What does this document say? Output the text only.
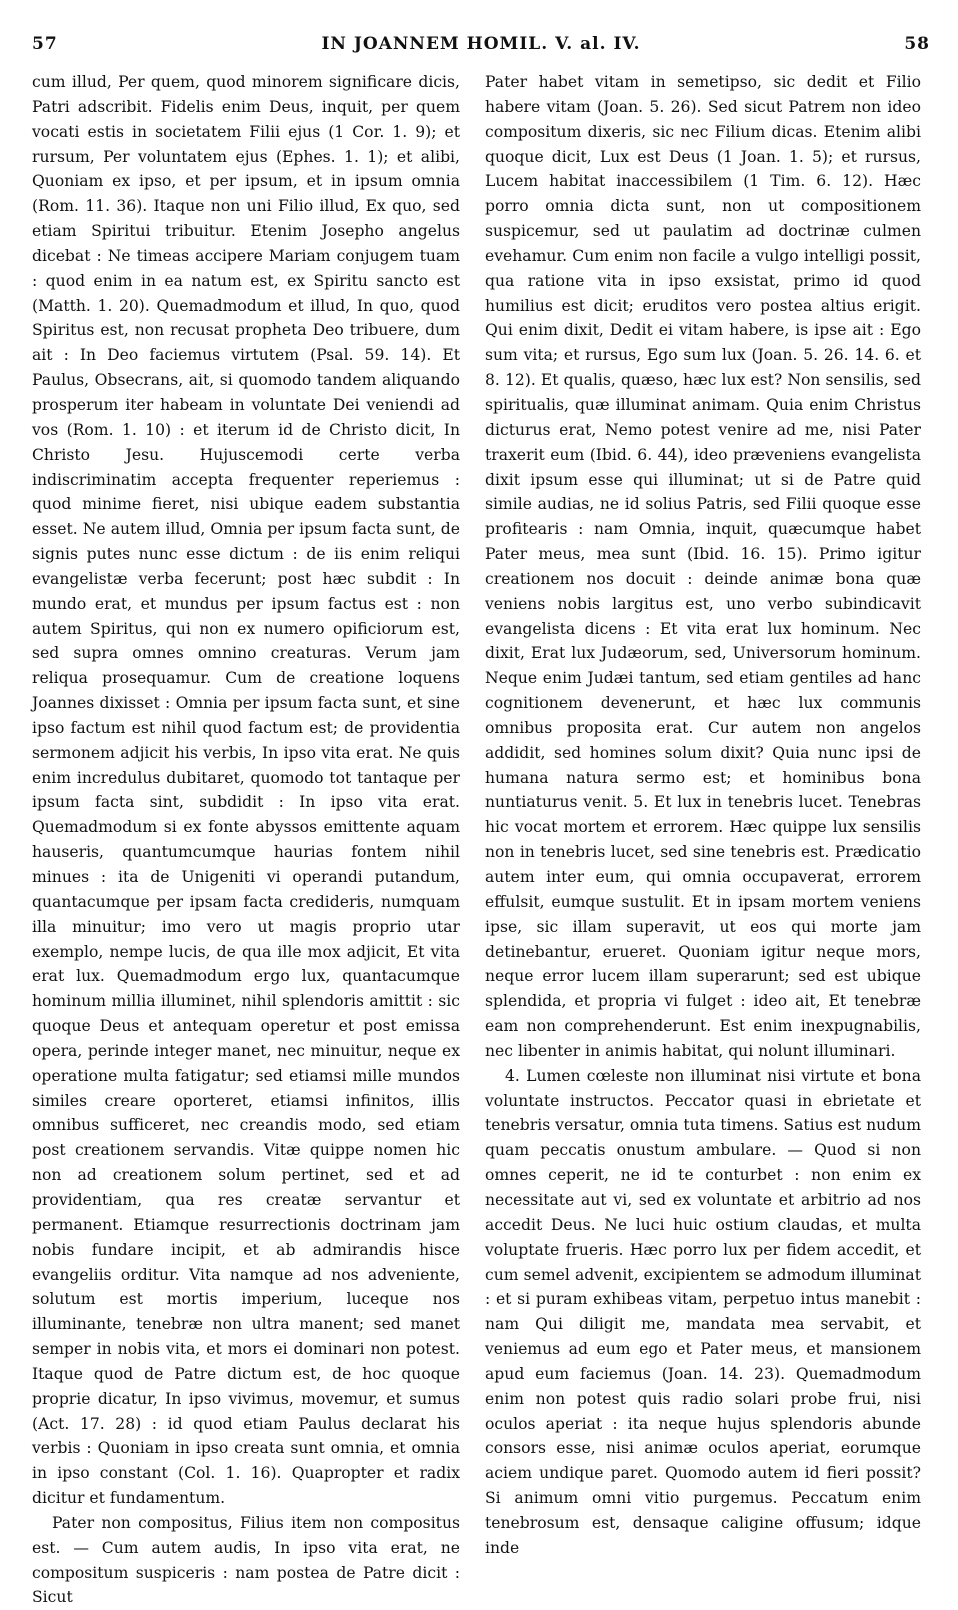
57	IN JOANNEM HOMIL. V. al. IV.	58

cum illud, Per quem, quod minorem significare dicis, Patri adscribit. Fidelis enim Deus, inquit, per quem vocati estis in societatem Filii ejus (1 Cor. 1. 9); et rursum, Per voluntatem ejus (Ephes. 1. 1); et alibi, Quoniam ex ipso, et per ipsum, et in ipsum omnia (Rom. 11. 36). Itaque non uni Filio illud, Ex quo, sed etiam Spiritui tribuitur. Etenim Josepho angelus dicebat : Ne timeas accipere Mariam conjugem tuam : quod enim in ea natum est, ex Spiritu sancto est (Matth. 1. 20). Quemadmodum et illud, In quo, quod Spiritus est, non recusat propheta Deo tribuere, dum ait : In Deo faciemus virtutem (Psal. 59. 14). Et Paulus, Obsecrans, ait, si quomodo tandem aliquando prosperum iter habeam in voluntate Dei veniendi ad vos (Rom. 1. 10) : et iterum id de Christo dicit, In Christo Jesu. Hujuscemodi certe verba indiscriminatim accepta frequenter reperiemus : quod minime fieret, nisi ubique eadem substantia esset. Ne autem illud, Omnia per ipsum facta sunt, de signis putes nunc esse dictum : de iis enim reliqui evangelistæ verba fecerunt; post hæc subdit : In mundo erat, et mundus per ipsum factus est : non autem Spiritus, qui non ex numero opificiorum est, sed supra omnes omnino creaturas. Verum jam reliqua prosequamur. Cum de creatione loquens Joannes dixisset : Omnia per ipsum facta sunt, et sine ipso factum est nihil quod factum est; de providentia sermonem adjicit his verbis, In ipso vita erat. Ne quis enim incredulus dubitaret, quomodo tot tantaque per ipsum facta sint, subdidit : In ipso vita erat. Quemadmodum si ex fonte abyssos emittente aquam hauseris, quantumcumque haurias fontem nihil minues : ita de Unigeniti vi operandi putandum, quantacumque per ipsam facta credideris, numquam illa minuitur; imo vero ut magis proprio utar exemplo, nempe lucis, de qua ille mox adjicit, Et vita erat lux. Quemadmodum ergo lux, quantacumque hominum millia illuminet, nihil splendoris amittit : sic quoque Deus et antequam operetur et post emissa opera, perinde integer manet, nec minuitur, neque ex operatione multa fatigatur; sed etiamsi mille mundos similes creare oporteret, etiamsi infinitos, illis omnibus sufficeret, nec creandis modo, sed etiam post creationem servandis. Vitæ quippe nomen hic non ad creationem solum pertinet, sed et ad providentiam, qua res creatæ servantur et permanent. Etiamque resurrectionis doctrinam jam nobis fundare incipit, et ab admirandis hisce evangeliis orditur. Vita namque ad nos adveniente, solutum est mortis imperium, luceque nos illuminante, tenebræ non ultra manent; sed manet semper in nobis vita, et mors ei dominari non potest. Itaque quod de Patre dictum est, de hoc quoque proprie dicatur, In ipso vivimus, movemur, et sumus (Act. 17. 28) : id quod etiam Paulus declarat his verbis : Quoniam in ipso creata sunt omnia, et omnia in ipso constant (Col. 1. 16). Quapropter et radix dicitur et fundamentum.

Pater non compositus, Filius item non compositus est. — Cum autem audis, In ipso vita erat, ne compositum suspiceris : nam postea de Patre dicit : Sicut

Pater habet vitam in semetipso, sic dedit et Filio habere vitam (Joan. 5. 26). Sed sicut Patrem non ideo compositum dixeris, sic nec Filium dicas. Etenim alibi quoque dicit, Lux est Deus (1 Joan. 1. 5); et rursus, Lucem habitat inaccessibilem (1 Tim. 6. 12). Hæc porro omnia dicta sunt, non ut compositionem suspicemur, sed ut paulatim ad doctrinæ culmen evehamur. Cum enim non facile a vulgo intelligi possit, qua ratione vita in ipso exsistat, primo id quod humilius est dicit; eruditos vero postea altius erigit. Qui enim dixit, Dedit ei vitam habere, is ipse ait : Ego sum vita; et rursus, Ego sum lux (Joan. 5. 26. 14. 6. et 8. 12). Et qualis, quæso, hæc lux est? Non sensilis, sed spiritualis, quæ illuminat animam. Quia enim Christus dicturus erat, Nemo potest venire ad me, nisi Pater traxerit eum (Ibid. 6. 44), ideo præveniens evangelista dixit ipsum esse qui illuminat; ut si de Patre quid simile audias, ne id solius Patris, sed Filii quoque esse profitearis : nam Omnia, inquit, quæcumque habet Pater meus, mea sunt (Ibid. 16. 15). Primo igitur creationem nos docuit : deinde animæ bona quæ veniens nobis largitus est, uno verbo subindicavit evangelista dicens : Et vita erat lux hominum. Nec dixit, Erat lux Judæorum, sed, Universorum hominum. Neque enim Judæi tantum, sed etiam gentiles ad hanc cognitionem devenerunt, et hæc lux communis omnibus proposita erat. Cur autem non angelos addidit, sed homines solum dixit? Quia nunc ipsi de humana natura sermo est; et hominibus bona nuntiaturus venit. 5. Et lux in tenebris lucet. Tenebras hic vocat mortem et errorem. Hæc quippe lux sensilis non in tenebris lucet, sed sine tenebris est. Prædicatio autem inter eum, qui omnia occupaverat, errorem effulsit, eumque sustulit. Et in ipsam mortem veniens ipse, sic illam superavit, ut eos qui morte jam detinebantur, erueret. Quoniam igitur neque mors, neque error lucem illam superarunt; sed est ubique splendida, et propria vi fulget : ideo ait, Et tenebræ eam non comprehenderunt. Est enim inexpugnabilis, nec libenter in animis habitat, qui nolunt illuminari.

4. Lumen cœleste non illuminat nisi virtute et bona voluntate instructos. Peccator quasi in ebrietate et tenebris versatur, omnia tuta timens. Satius est nudum quam peccatis onustum ambulare. — Quod si non omnes ceperit, ne id te conturbet : non enim ex necessitate aut vi, sed ex voluntate et arbitrio ad nos accedit Deus. Ne luci huic ostium claudas, et multa voluptate frueris. Hæc porro lux per fidem accedit, et cum semel advenit, excipientem se admodum illuminat : et si puram exhibeas vitam, perpetuo intus manebit : nam Qui diligit me, mandata mea servabit, et veniemus ad eum ego et Pater meus, et mansionem apud eum faciemus (Joan. 14. 23). Quemadmodum enim non potest quis radio solari probe frui, nisi oculos aperiat : ita neque hujus splendoris abunde consors esse, nisi animæ oculos aperiat, eorumque aciem undique paret. Quomodo autem id fieri possit? Si animum omni vitio purgemus. Peccatum enim tenebrosum est, densaque caligine offusum; idque inde
